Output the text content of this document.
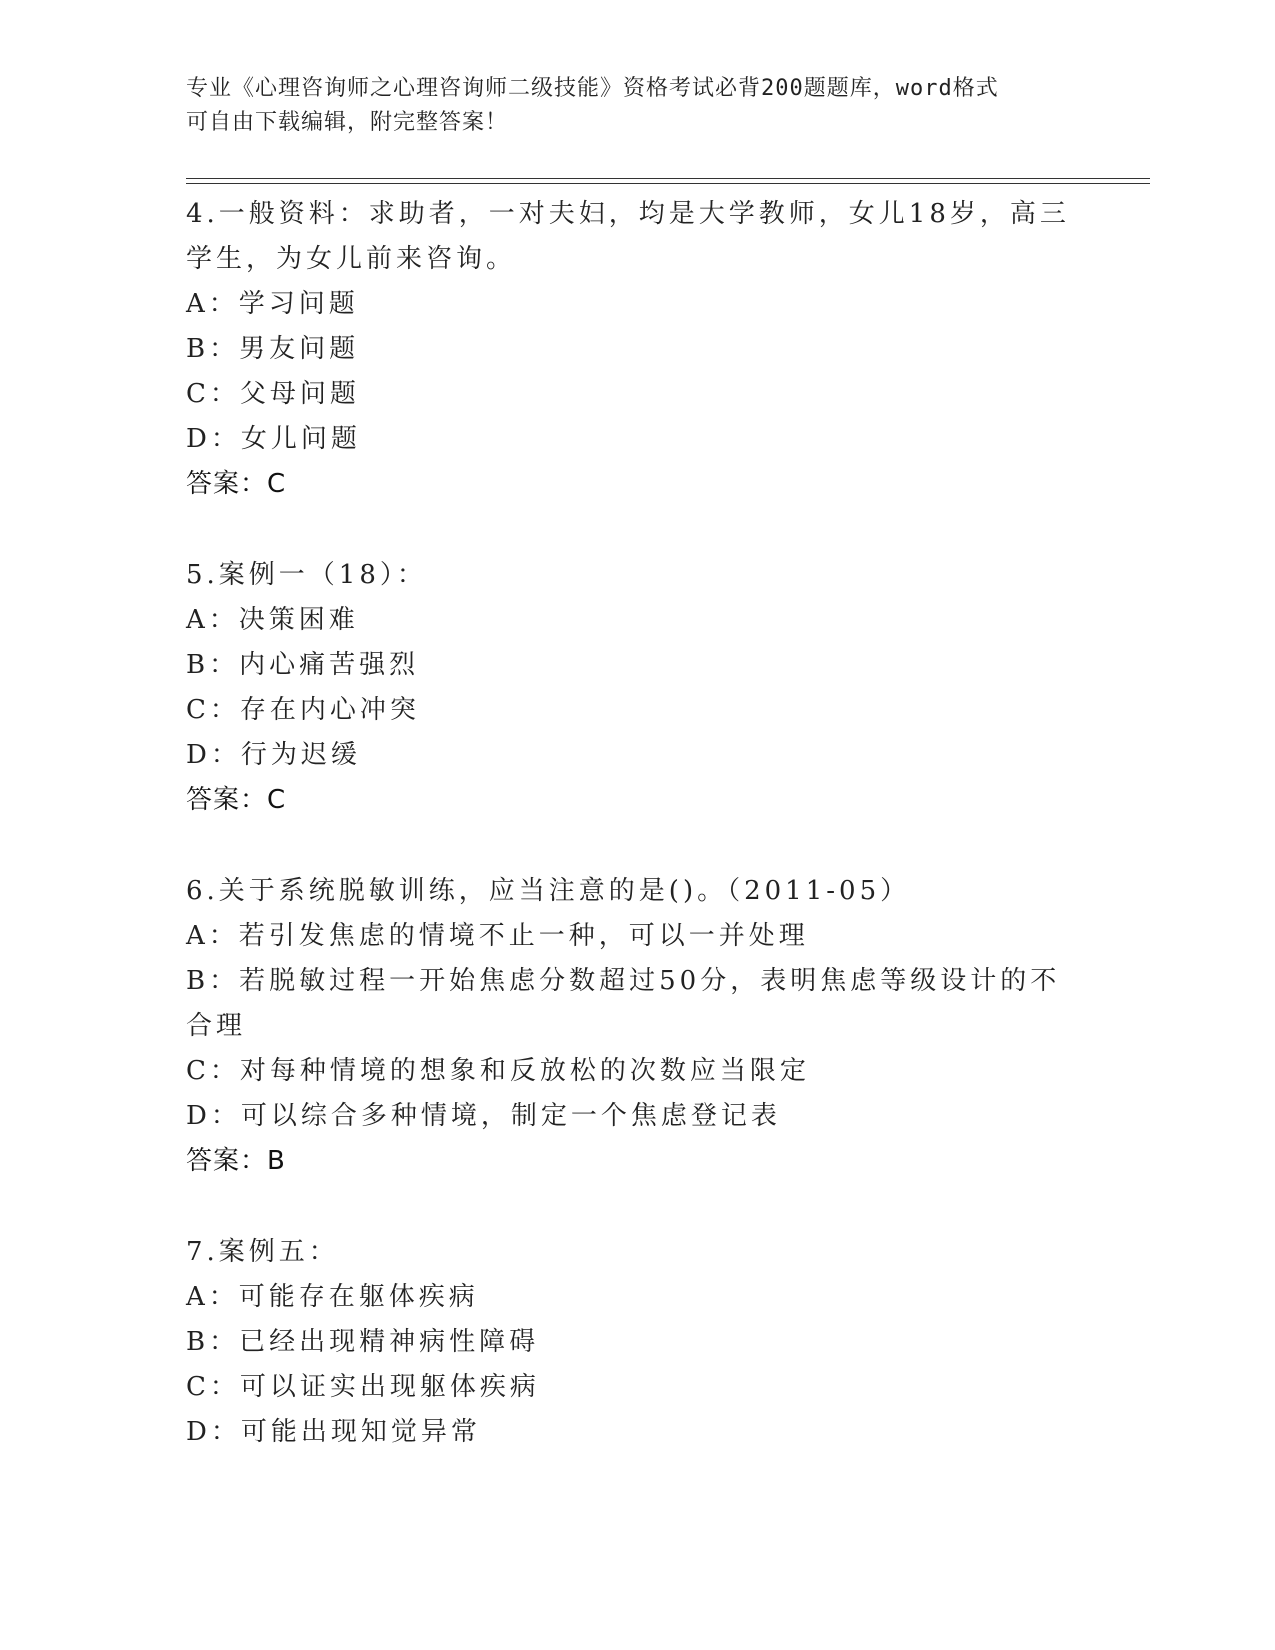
专业《心理咨询师之心理咨询师二级技能》资格考试必背200题题库，word格式
可自由下载编辑，附完整答案！

4.一般资料：求助者，一对夫妇，均是大学教师，女儿18岁，高三学生，为女儿前来咨询。

A：学习问题

B：男友问题

C：父母问题

D：女儿问题

答案：C

5.案例一（18）：

A：决策困难

B：内心痛苦强烈

C：存在内心冲突

D：行为迟缓

答案：C

6.关于系统脱敏训练，应当注意的是()。（2011-05）

A：若引发焦虑的情境不止一种，可以一并处理

B：若脱敏过程一开始焦虑分数超过50分，表明焦虑等级设计的不合理

C：对每种情境的想象和反放松的次数应当限定

D：可以综合多种情境，制定一个焦虑登记表

答案：B

7.案例五：

A：可能存在躯体疾病

B：已经出现精神病性障碍

C：可以证实出现躯体疾病

D：可能出现知觉异常
